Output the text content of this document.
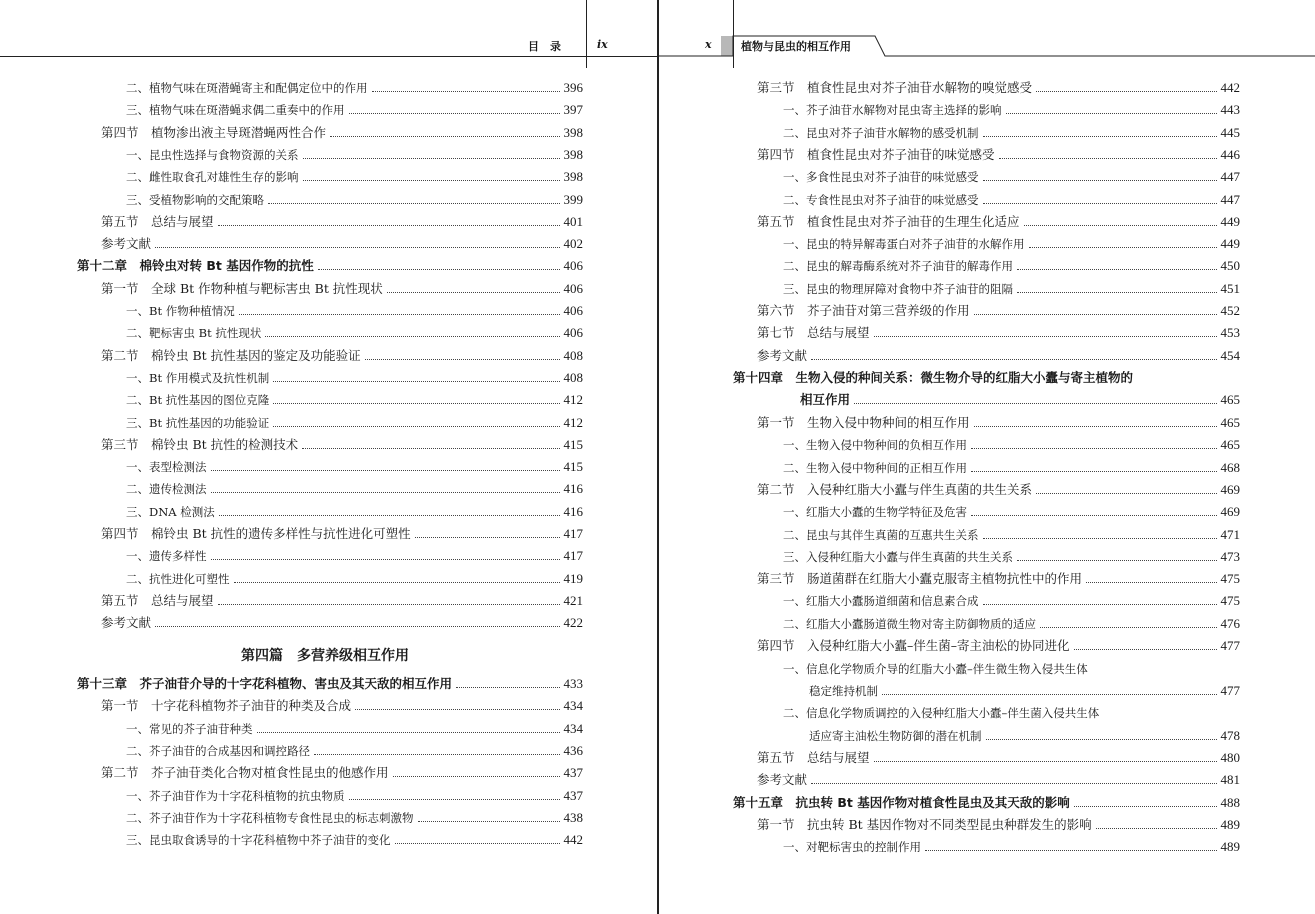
目　录	ix
二、植物气味在斑潜蝇寄主和配偶定位中的作用	396
三、植物气味在斑潜蝇求偶二重奏中的作用	397
第四节　植物渗出液主导斑潜蝇两性合作	398
一、昆虫性选择与食物资源的关系	398
二、雌性取食孔对雄性生存的影响	398
三、受植物影响的交配策略	399
第五节　总结与展望	401
参考文献	402
第十二章　棉铃虫对转 Bt 基因作物的抗性	406
第一节　全球 Bt 作物种植与靶标害虫 Bt 抗性现状	406
一、Bt 作物种植情况	406
二、靶标害虫 Bt 抗性现状	406
第二节　棉铃虫 Bt 抗性基因的鉴定及功能验证	408
一、Bt 作用模式及抗性机制	408
二、Bt 抗性基因的图位克隆	412
三、Bt 抗性基因的功能验证	412
第三节　棉铃虫 Bt 抗性的检测技术	415
一、表型检测法	415
二、遗传检测法	416
三、DNA 检测法	416
第四节　棉铃虫 Bt 抗性的遗传多样性与抗性进化可塑性	417
一、遗传多样性	417
二、抗性进化可塑性	419
第五节　总结与展望	421
参考文献	422
第四篇　多营养级相互作用
第十三章　芥子油苷介导的十字花科植物、害虫及其天敌的相互作用	433
第一节　十字花科植物芥子油苷的种类及合成	434
一、常见的芥子油苷种类	434
二、芥子油苷的合成基因和调控路径	436
第二节　芥子油苷类化合物对植食性昆虫的他感作用	437
一、芥子油苷作为十字花科植物的抗虫物质	437
二、芥子油苷作为十字花科植物专食性昆虫的标志刺激物	438
三、昆虫取食诱导的十字花科植物中芥子油苷的变化	442
x	植物与昆虫的相互作用
第三节　植食性昆虫对芥子油苷水解物的嗅觉感受	442
一、芥子油苷水解物对昆虫寄主选择的影响	443
二、昆虫对芥子油苷水解物的感受机制	445
第四节　植食性昆虫对芥子油苷的味觉感受	446
一、多食性昆虫对芥子油苷的味觉感受	447
二、专食性昆虫对芥子油苷的味觉感受	447
第五节　植食性昆虫对芥子油苷的生理生化适应	449
一、昆虫的特异解毒蛋白对芥子油苷的水解作用	449
二、昆虫的解毒酶系统对芥子油苷的解毒作用	450
三、昆虫的物理屏障对食物中芥子油苷的阻隔	451
第六节　芥子油苷对第三营养级的作用	452
第七节　总结与展望	453
参考文献	454
第十四章　生物入侵的种间关系：微生物介导的红脂大小蠹与寄主植物的
相互作用	465
第一节　生物入侵中物种间的相互作用	465
一、生物入侵中物种间的负相互作用	465
二、生物入侵中物种间的正相互作用	468
第二节　入侵种红脂大小蠹与伴生真菌的共生关系	469
一、红脂大小蠹的生物学特征及危害	469
二、昆虫与其伴生真菌的互惠共生关系	471
三、入侵种红脂大小蠹与伴生真菌的共生关系	473
第三节　肠道菌群在红脂大小蠹克服寄主植物抗性中的作用	475
一、红脂大小蠹肠道细菌和信息素合成	475
二、红脂大小蠹肠道微生物对寄主防御物质的适应	476
第四节　入侵种红脂大小蠹–伴生菌–寄主油松的协同进化	477
一、信息化学物质介导的红脂大小蠹–伴生微生物入侵共生体
稳定维持机制	477
二、信息化学物质调控的入侵种红脂大小蠹–伴生菌入侵共生体
适应寄主油松生物防御的潜在机制	478
第五节　总结与展望	480
参考文献	481
第十五章　抗虫转 Bt 基因作物对植食性昆虫及其天敌的影响	488
第一节　抗虫转 Bt 基因作物对不同类型昆虫种群发生的影响	489
一、对靶标害虫的控制作用	489
